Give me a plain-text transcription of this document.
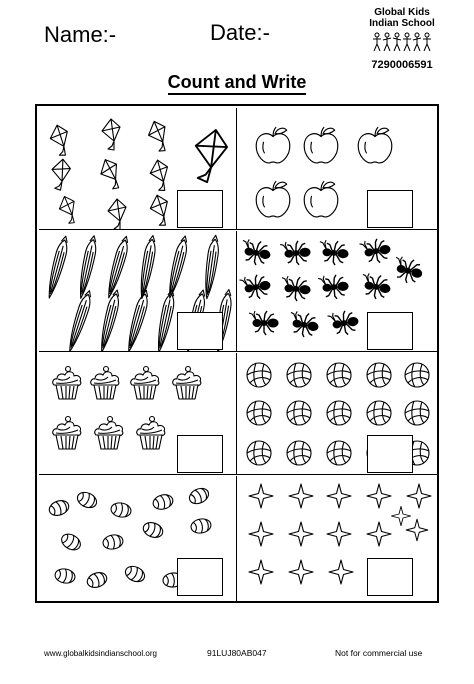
Name:-	Date:-
Global Kids
Indian School
7290006591
Count and Write
www.globalkidsindianschool.org	91LUJ80AB047	Not for commercial use
